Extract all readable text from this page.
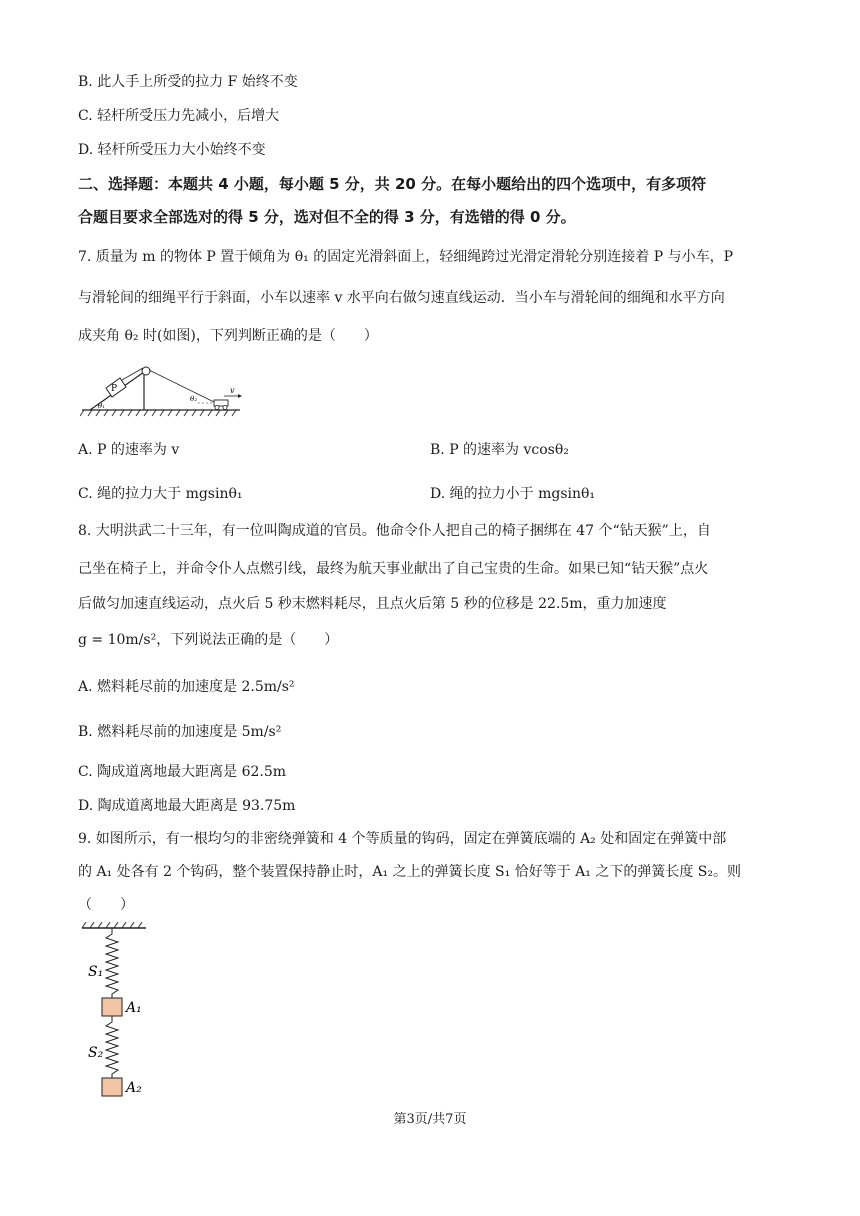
B. 此人手上所受的拉力 F 始终不变
C. 轻杆所受压力先减小，后增大
D. 轻杆所受压力大小始终不变
二、选择题：本题共 4 小题，每小题 5 分，共 20 分。在每小题给出的四个选项中，有多项符
合题目要求全部选对的得 5 分，选对但不全的得 3 分，有选错的得 0 分。
7. 质量为 m 的物体 P 置于倾角为 θ₁ 的固定光滑斜面上，轻细绳跨过光滑定滑轮分别连接着 P 与小车，P
与滑轮间的细绳平行于斜面，小车以速率 v 水平向右做匀速直线运动．当小车与滑轮间的细绳和水平方向
成夹角 θ₂ 时(如图)，下列判断正确的是（　　）
P	v
θ₁
θ₂
A. P 的速率为 v	B. P 的速率为 vcosθ₂
C. 绳的拉力大于 mgsinθ₁	D. 绳的拉力小于 mgsinθ₁
8. 大明洪武二十三年，有一位叫陶成道的官员。他命令仆人把自己的椅子捆绑在 47 个“钻天猴”上，自
己坐在椅子上，并命令仆人点燃引线，最终为航天事业献出了自己宝贵的生命。如果已知“钻天猴”点火
后做匀加速直线运动，点火后 5 秒末燃料耗尽，且点火后第 5 秒的位移是 22.5m，重力加速度
g = 10m/s²，下列说法正确的是（　　）
A. 燃料耗尽前的加速度是 2.5m/s²
B. 燃料耗尽前的加速度是 5m/s²
C. 陶成道离地最大距离是 62.5m
D. 陶成道离地最大距离是 93.75m
9. 如图所示，有一根均匀的非密绕弹簧和 4 个等质量的钩码，固定在弹簧底端的 A₂ 处和固定在弹簧中部
的 A₁ 处各有 2 个钩码，整个装置保持静止时，A₁ 之上的弹簧长度 S₁ 恰好等于 A₁ 之下的弹簧长度 S₂。则
（　　）
S₁
A₁
S₂
A₂
第3页/共7页
